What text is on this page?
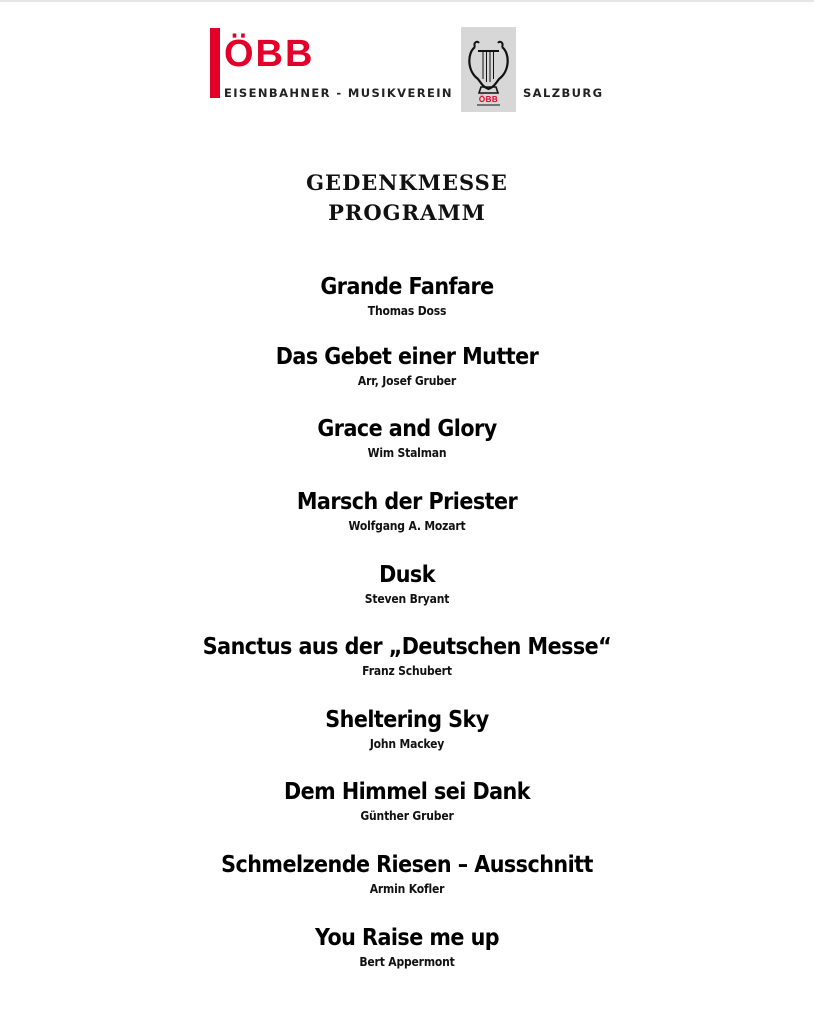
ÖBB
EISENBAHNER - MUSIKVEREIN	ÖBB	SALZBURG
GEDENKMESSE
PROGRAMM
Grande Fanfare
Thomas Doss
Das Gebet einer Mutter
Arr, Josef Gruber
Grace and Glory
Wim Stalman
Marsch der Priester
Wolfgang A. Mozart
Dusk
Steven Bryant
Sanctus aus der „Deutschen Messe“
Franz Schubert
Sheltering Sky
John Mackey
Dem Himmel sei Dank
Günther Gruber
Schmelzende Riesen – Ausschnitt
Armin Kofler
You Raise me up
Bert Appermont
